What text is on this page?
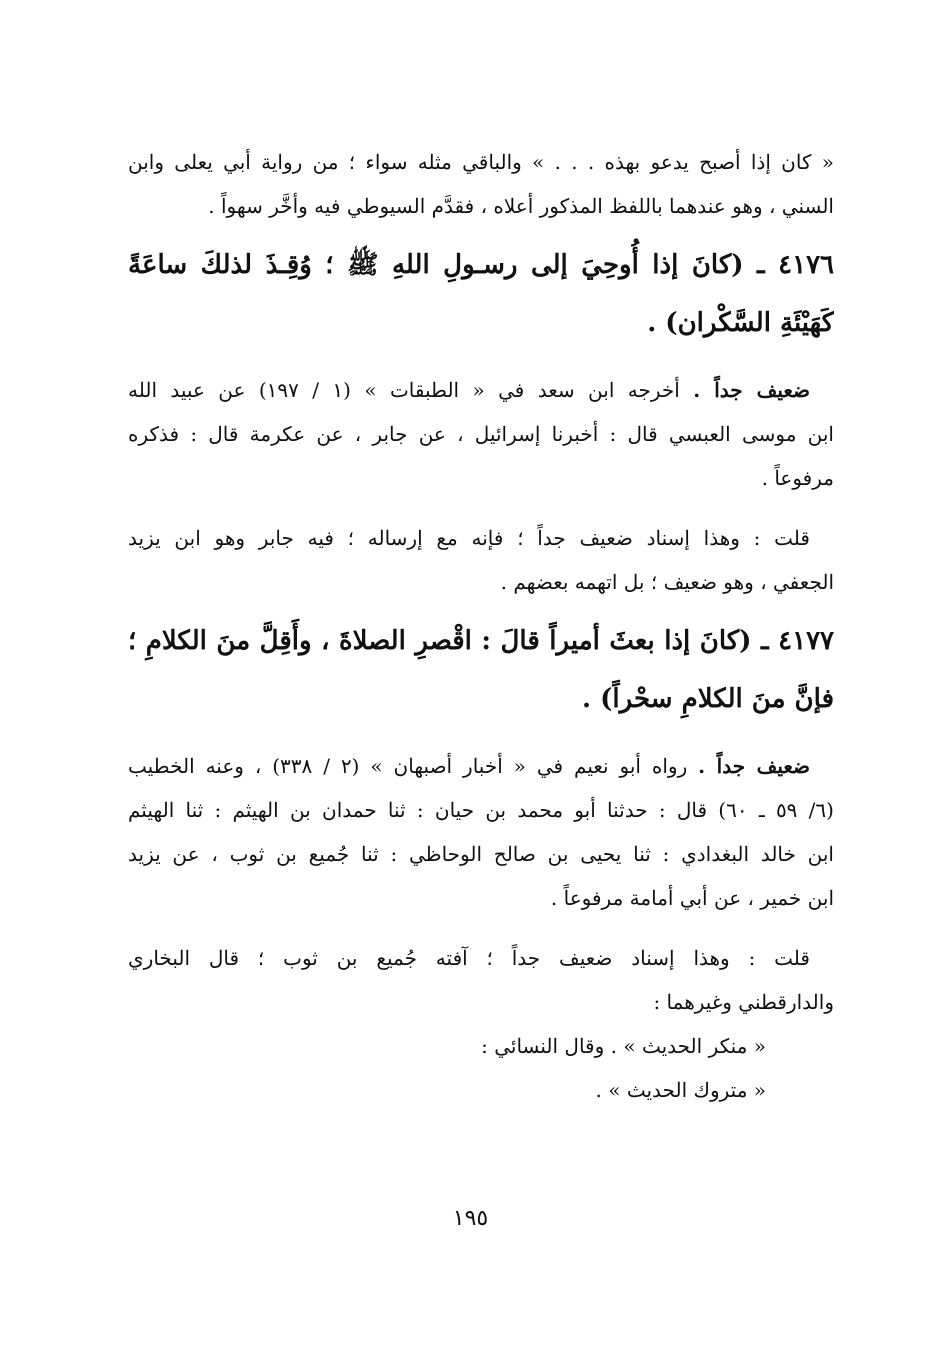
« كان إذا أصبح يدعو بهذه . . . » والباقي مثله سواء ؛ من رواية أبي يعلى وابن
السني ، وهو عندهما باللفظ المذكور أعلاه ، فقدَّم السيوطي فيه وأخَّر سهواً .
٤١٧٦ ـ (كانَ إذا أُوحِيَ إلى رسـولِ اللهِ ﷺ ؛ وُقِـذَ لذلكَ ساعَةً
كَهَيْئَةِ السَّكْران) .
ضعيف جداً . أخرجه ابن سعد في « الطبقات » (١ / ١٩٧) عن عبيد الله
ابن موسى العبسي قال : أخبرنا إسرائيل ، عن جابر ، عن عكرمة قال : فذكره
مرفوعاً .
قلت : وهذا إسناد ضعيف جداً ؛ فإنه مع إرساله ؛ فيه جابر وهو ابن يزيد
الجعفي ، وهو ضعيف ؛ بل اتهمه بعضهم .
٤١٧٧ ـ (كانَ إذا بعثَ أميراً قالَ : اقْصرِ الصلاةَ ، وأَقِلَّ منَ الكلامِ ؛
فإنَّ منَ الكلامِ سحْراً) .
ضعيف جداً . رواه أبو نعيم في « أخبار أصبهان » (٢ / ٣٣٨) ، وعنه الخطيب
(٦/ ٥٩ ـ ٦٠) قال : حدثنا أبو محمد بن حيان : ثنا حمدان بن الهيثم : ثنا الهيثم
ابن خالد البغدادي : ثنا يحيى بن صالح الوحاظي : ثنا جُميع بن ثوب ، عن يزيد
ابن خمير ، عن أبي أمامة مرفوعاً .
قلت : وهذا إسناد ضعيف جداً ؛ آفته جُميع بن ثوب ؛ قال البخاري
والدارقطني وغيرهما :
« منكر الحديث » . وقال النسائي :
« متروك الحديث » .
١٩٥
